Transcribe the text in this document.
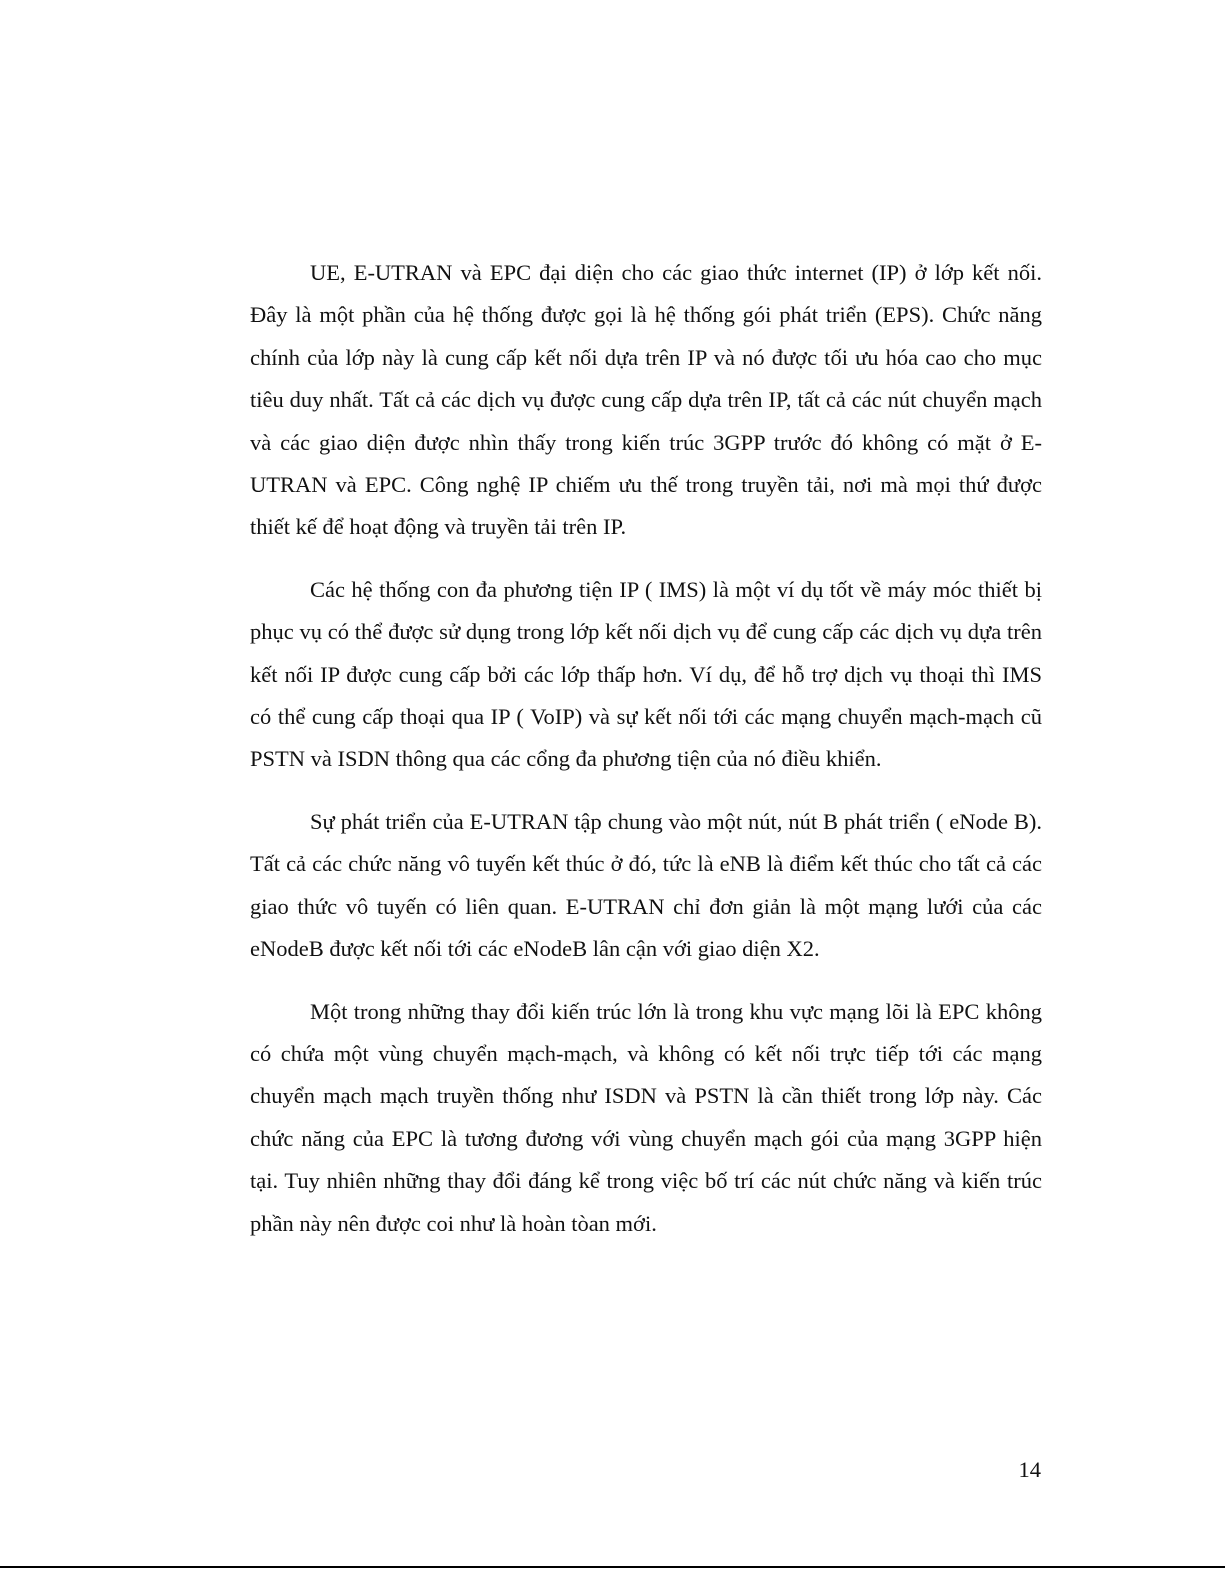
UE, E-UTRAN và EPC đại diện cho các giao thức internet (IP) ở lớp kết nối. Đây là một phần của hệ thống được gọi là hệ thống gói phát triển (EPS). Chức năng chính của lớp này là cung cấp kết nối dựa trên IP và nó được tối ưu hóa cao cho mục tiêu duy nhất. Tất cả các dịch vụ được cung cấp dựa trên IP, tất cả các nút chuyển mạch và các giao diện được nhìn thấy trong kiến trúc 3GPP trước đó không có mặt ở E-UTRAN và EPC. Công nghệ IP chiếm ưu thế trong truyền tải, nơi mà mọi thứ được thiết kế để hoạt động và truyền tải trên IP.

Các hệ thống con đa phương tiện IP ( IMS) là một ví dụ tốt về máy móc thiết bị phục vụ có thể được sử dụng trong lớp kết nối dịch vụ để cung cấp các dịch vụ dựa trên kết nối IP được cung cấp bởi các lớp thấp hơn. Ví dụ, để hỗ trợ dịch vụ thoại thì IMS có thể cung cấp thoại qua IP ( VoIP) và sự kết nối tới các mạng chuyển mạch-mạch cũ PSTN và ISDN thông qua các cổng đa phương tiện của nó điều khiển.

Sự phát triển của E-UTRAN tập chung vào một nút, nút B phát triển ( eNode B). Tất cả các chức năng vô tuyến kết thúc ở đó, tức là eNB là điểm kết thúc cho tất cả các giao thức vô tuyến có liên quan. E-UTRAN chỉ đơn giản là một mạng lưới của các eNodeB được kết nối tới các eNodeB lân cận với giao diện X2.

Một trong những thay đổi kiến trúc lớn là trong khu vực mạng lõi là EPC không có chứa một vùng chuyển mạch-mạch, và không có kết nối trực tiếp tới các mạng chuyển mạch mạch truyền thống như ISDN và PSTN là cần thiết trong lớp này. Các chức năng của EPC là tương đương với vùng chuyển mạch gói của mạng 3GPP hiện tại. Tuy nhiên những thay đổi đáng kể trong việc bố trí các nút chức năng và kiến trúc phần này nên được coi như là hoàn tòan mới.

14
